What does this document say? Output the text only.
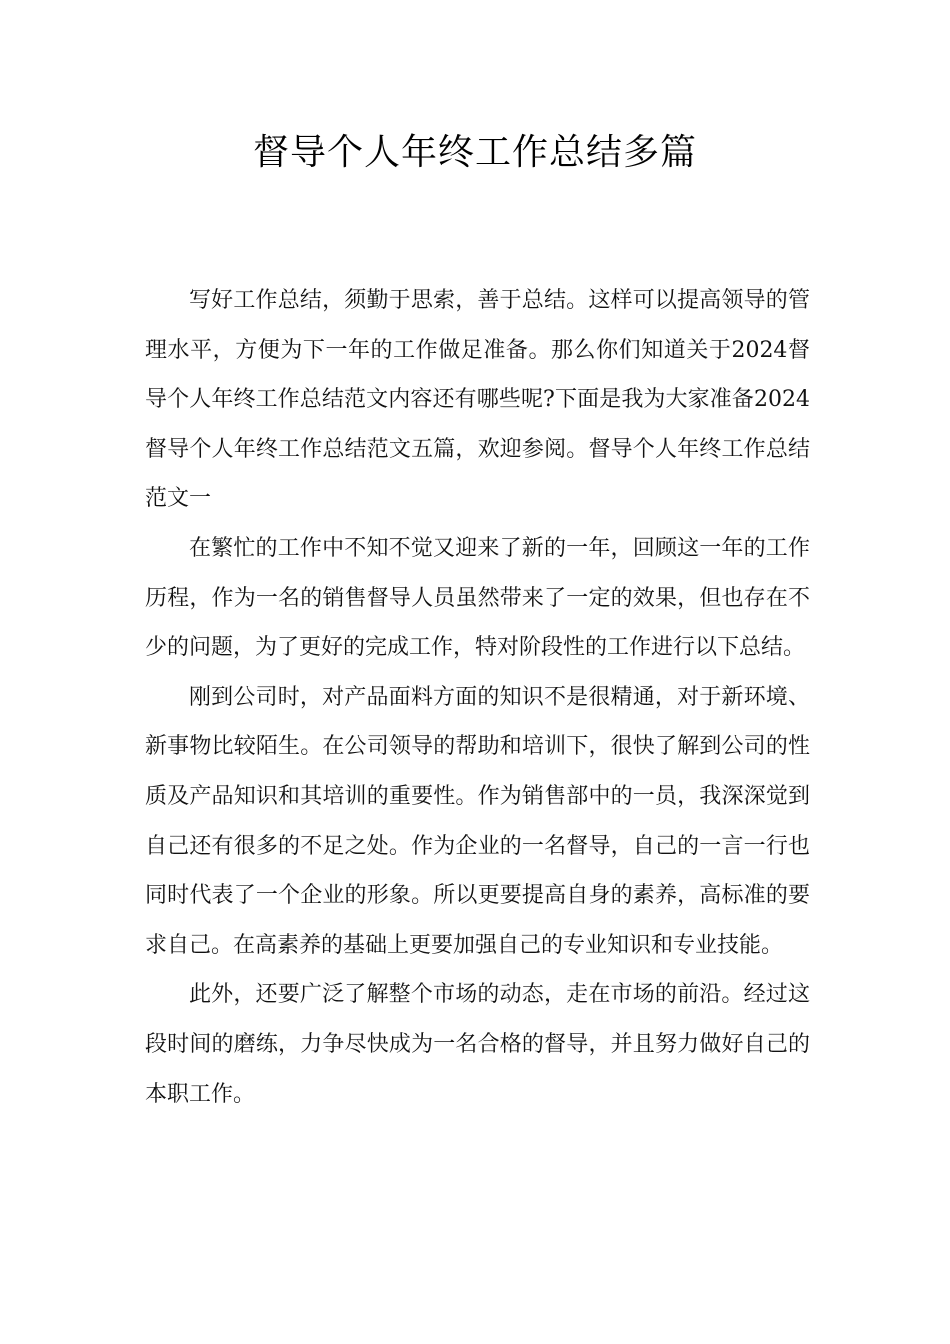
督导个人年终工作总结多篇

写好工作总结，须勤于思索，善于总结。这样可以提高领导的管理水平，方便为下一年的工作做足准备。那么你们知道关于2024督导个人年终工作总结范文内容还有哪些呢?下面是我为大家准备2024督导个人年终工作总结范文五篇，欢迎参阅。督导个人年终工作总结范文一

在繁忙的工作中不知不觉又迎来了新的一年，回顾这一年的工作历程，作为一名的销售督导人员虽然带来了一定的效果，但也存在不少的问题，为了更好的完成工作，特对阶段性的工作进行以下总结。

刚到公司时，对产品面料方面的知识不是很精通，对于新环境、新事物比较陌生。在公司领导的帮助和培训下，很快了解到公司的性质及产品知识和其培训的重要性。作为销售部中的一员，我深深觉到自己还有很多的不足之处。作为企业的一名督导，自己的一言一行也同时代表了一个企业的形象。所以更要提高自身的素养，高标准的要求自己。在高素养的基础上更要加强自己的专业知识和专业技能。

此外，还要广泛了解整个市场的动态，走在市场的前沿。经过这段时间的磨练，力争尽快成为一名合格的督导，并且努力做好自己的本职工作。
